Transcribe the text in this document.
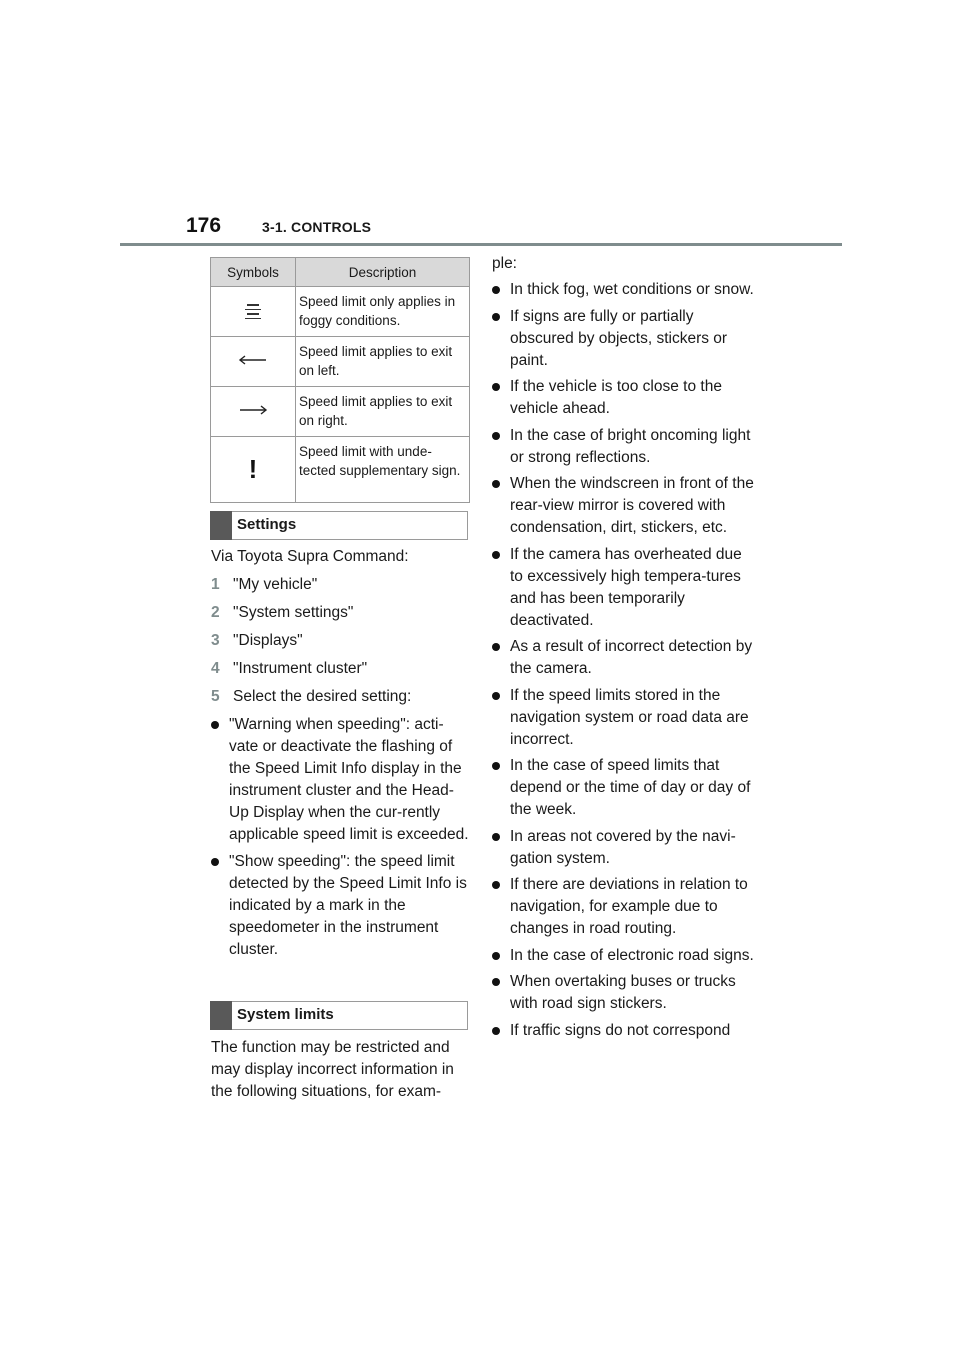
176	3-1. CONTROLS
Symbols	Description

	Speed limit only applies in foggy conditions.
	Speed limit applies to exit on left.
	Speed limit applies to exit on right.
!	Speed limit with unde-tected supplementary sign.
Settings

Via Toyota Supra Command:

1 "My vehicle"
2 "System settings"
3 "Displays"
4 "Instrument cluster"
5 Select the desired setting:
"Warning when speeding": acti-vate or deactivate the flashing of the Speed Limit Info display in the instrument cluster and the Head-Up Display when the cur-rently applicable speed limit is exceeded.
"Show speeding": the speed limit detected by the Speed Limit Info is indicated by a mark in the speedometer in the instrument cluster.
System limits

The function may be restricted and may display incorrect information in the following situations, for exam-

ple:

In thick fog, wet conditions or snow.
If signs are fully or partially obscured by objects, stickers or paint.
If the vehicle is too close to the vehicle ahead.
In the case of bright oncoming light or strong reflections.
When the windscreen in front of the rear-view mirror is covered with condensation, dirt, stickers, etc.
If the camera has overheated due to excessively high tempera-tures and has been temporarily deactivated.
As a result of incorrect detection by the camera.
If the speed limits stored in the navigation system or road data are incorrect.
In the case of speed limits that depend or the time of day or day of the week.
In areas not covered by the navi-gation system.
If there are deviations in relation to navigation, for example due to changes in road routing.
In the case of electronic road signs.
When overtaking buses or trucks with road sign stickers.
If traffic signs do not correspond
